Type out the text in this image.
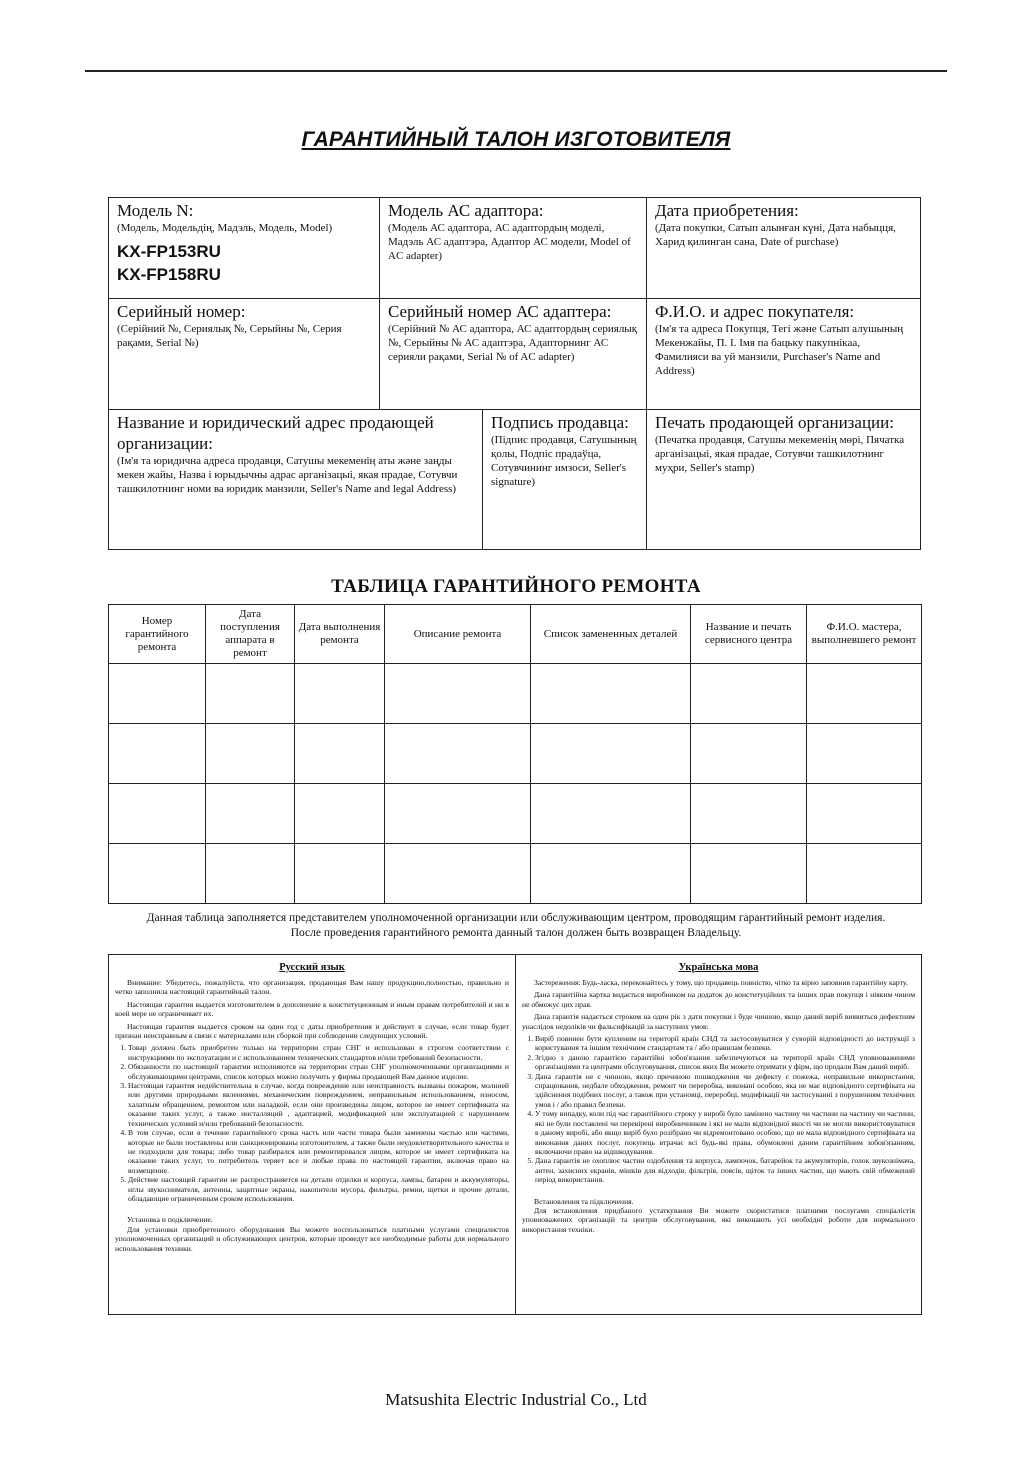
ГАРАНТИЙНЫЙ ТАЛОН ИЗГОТОВИТЕЛЯ
Модель N:
(Модель, Модельдің, Мадэль, Модель, Model)
KX-FP153RU
KX-FP158RU
Модель АС адаптора:
(Модель АС адаптора, АС адаптордың моделі, Мадэль АС адаптэра, Адаптор АС модели, Model of AC adapter)
Дата приобретения:
(Дата покупки, Сатып алынған күні, Дата набыцця, Харид қилинган сана, Date of purchase)
Серийный номер:
(Серійний №, Сериялық №, Серыйны №, Серия рақами, Serial №)
Серийный номер АС адаптера:
(Серійний № АС адаптора, АС адаптордың сериялық №, Серыйны № АС адаптэра, Адапторнинг АС серияли рақами, Serial № of AC adapter)
Ф.И.О. и адрес покупателя:
(Ім'я та адреса Покупця, Тегі және Сатып алушының Мекенжайы, П. І. Імя па бацьку пакупнікаа, Фамилияси ва уй манзили, Purchaser's Name and Address)
Название и юридический адрес продающей организации:
(Ім'я та юридична адреса продавця, Сатушы мекеменің аты және заңды мекен жайы, Назва і юрыдычны адрас арганізацыі, якая прадае, Сотувчи ташкилотнинг номи ва юридик манзили, Seller's Name and legal Address)
Подпись продавца:
(Підпис продавця, Сатушының қолы, Подпіс прадаўца, Сотувчининг имзоси, Seller's signature)
Печать продающей организации:
(Печатка продавця, Сатушы мекеменің мөрі, Пячатка арганізацыі, якая прадае, Сотувчи ташкилотнинг муҳри, Seller's stamp)
ТАБЛИЦА ГАРАНТИЙНОГО РЕМОНТА
Номер гарантийного ремонта	Дата поступления аппарата в ремонт	Дата выполнения ремонта	Описание ремонта	Список замененных деталей	Название и печать сервисного центра	Ф.И.О. мастера, выполневшего ремонт

Данная таблица заполняется представителем уполномоченной организации или обслуживающим центром, проводящим гарантийный ремонт изделия.
После проведения гарантийного ремонта данный талон должен быть возвращен Владельцу.
Русский язык

Внимание: Убедитесь, пожалуйста, что организация, продающая Вам нашу продукцию,полностью, правильно и четко заполнила настоящий гарантийный талон.

Настоящая гарантия выдается изготовителем в дополнение к конституционным и иным правам потребителей и ни в коей мере не ограничивает их.

Настоящая гарантия выдается сроком на один год с даты приобретения и действует в случае, если товар будет признан неисправным в связи с материалами или сборкой при соблюдении следующих условий.

1. Товар должен быть приобретен только на территории стран СНГ и использован в строгом соответствии с инструкциями по эксплуатации и с использованием технических стандартов и/или требований безопасности.
2. Обязанности по настоящей гарантии исполняются на территории стран СНГ уполномоченными организациями и обслуживающими центрами, список которых можно получить у фирмы продающей Вам данное изделие.
3. Настоящая гарантия недействительна в случае, когда повреждение или неисправность вызваны пожаром, молнией или другими природными явлениями, механическим повреждением, неправильным использованием, износом, халатным обращением, ремонтом или наладкой, если они произведены лицом, которое не имеет сертификата на оказание таких услуг, а также инсталляций , адаптацией, модификацией или эксплуатацией с нарушением технических условий и/или требований безопасности.
4. В том случае, если в течение гарантийного срока часть или части товара были заменены частью или частями, которые не были поставлены или санкционированы изготовителем, а также были неудовлетворительного качества и не подходили для товара; либо товар разбирался или ремонтировался лицом, которое не имеет сертификата на оказание таких услуг, то потребитель теряет все и любые права по настоящей гарантии, включая право на возмещение.
5. Действие настоящей гарантии не распространяется на детали отделки и корпуса, лампы, батареи и аккумуляторы, иглы звукоснимателя, антенны, защитные экраны, накопители мусора, фильтры, ремни, щетки и прочие детали, обладающие ограниченным сроком использования.

Установка и подключение.

Для установки приобретенного оборудования Вы можете воспользоваться платными услугами специалистов уполномоченных организаций и обслуживающих центров, которые проведут все необходимые работы для нормального использования техники.

Українська мова

Застереження: Будь-ласка, переконайтесь у тому, що продавець повністю, чітко та вірно заповнив гарантійну карту.

Дана гарантійна картка видається виробником на додаток до конституційних та інших прав покупця і ніяким чином не обмежує цих прав.

Дана гарантія надається строком на один рік з дати покупки і буде чинною, якщо даний виріб виявиться дефектним унаслідок недоліків чи фальсифікацій за наступних умов:

1. Виріб повинен бути купленим на території країн СНД та застосовуватися у суворій відповідності до інструкції з користування та іншим технічним стандартам та / або правилам безпеки.
2. Згідно з даною гарантією гарантійні зобов'язання забезпечуються на території країн СНД уповноваженими організаціями та центрами обслуговування, список яких Ви можете отримати у фірм, що продали Вам даний виріб.
3. Дана гарантія не є чинною, якщо причиною пошкодження чи дефекту є пожежа, неправильне використання, спрацювання, недбале обходження, ремонт чи переробка, виконані особою, яка не має відповідного сертифіката на здійснення подібних послуг, а також при установці, переробці, модифікації чи застосуванні з порушенням технічних умов і / або правил безпеки.
4. У тому випадку, коли під час гарантійного строку у виробі було замінено частину чи частини на частину чи частини, які не були поставлені чи перевірені виробничником і які не мали відповідної якості чи не могли використовуватися в даному виробі, або якщо виріб було розібрано чи відремонтовано особою, що не мала відповідного сертифіката на виконання даних послуг, покупець втрачає всі будь-які права, обумовлені даним гарантійним зобов'язанням, включаючи право на відшкодування.
5. Дана гарантія не охоплює частин оздоблення та корпуса, лампочок, батарейок та акумуляторів, голок звукознімача, антен, захисних екранів, мішків для відходів, фільтрів, поясів, щіток та інших частин, що мають свій обмежений період використання.

Встановлення та підключення.

Для встановлення придбаного устаткування Ви можете скористатися платними послугами спеціалістів уповноважених організацій та центрів обслуговування, які виконають усі необхідні роботи для нормального використання техніки.

Matsushita Electric Industrial Co., Ltd
